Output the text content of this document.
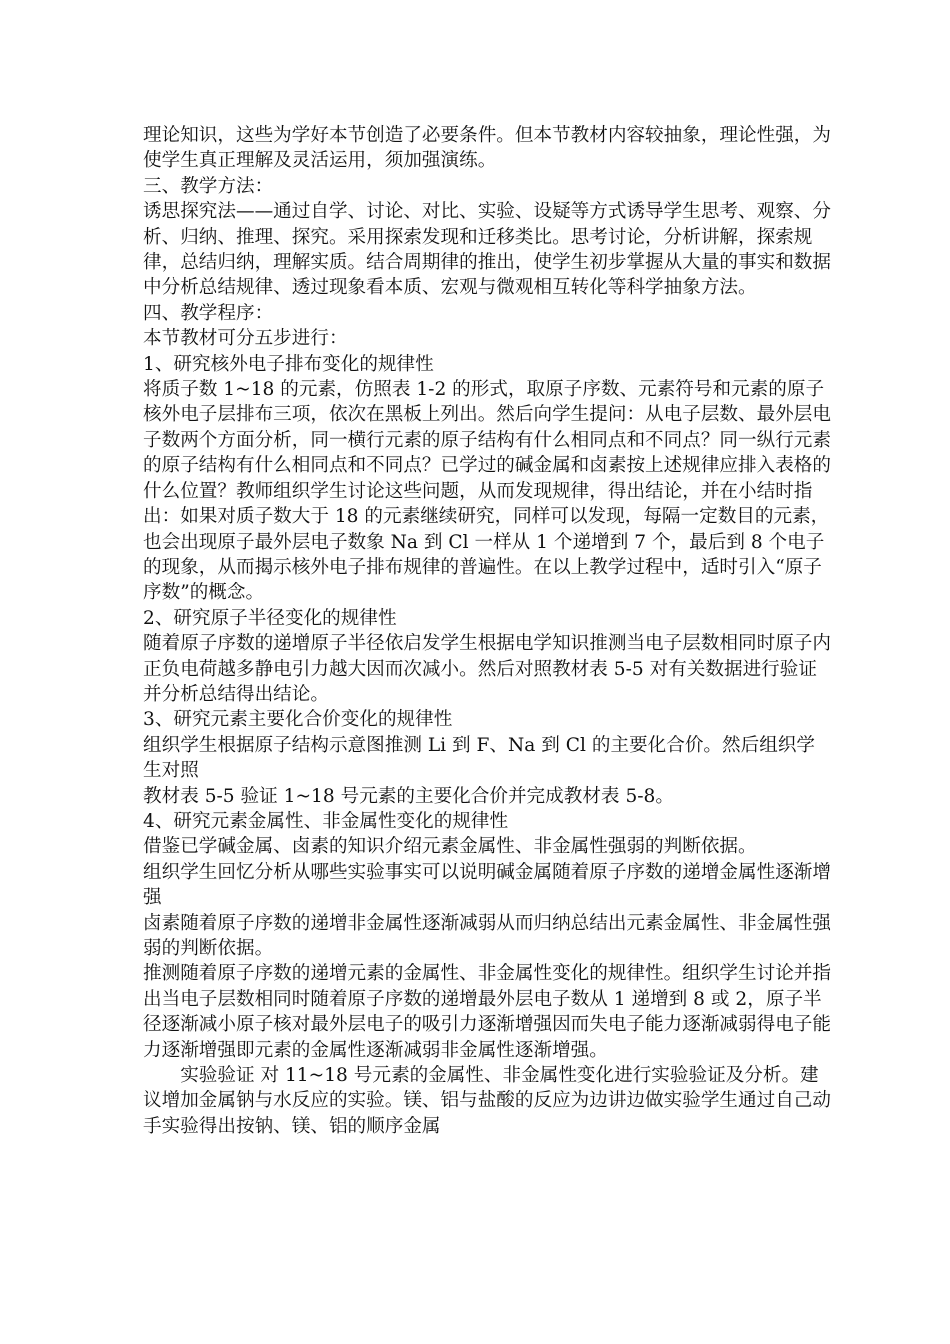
理论知识，这些为学好本节创造了必要条件。但本节教材内容较抽象，理论性强，为使学生真正理解及灵活运用，须加强演练。

三、教学方法：

诱思探究法——通过自学、讨论、对比、实验、设疑等方式诱导学生思考、观察、分析、归纳、推理、探究。采用探索发现和迁移类比。思考讨论，分析讲解，探索规律，总结归纳，理解实质。结合周期律的推出，使学生初步掌握从大量的事实和数据中分析总结规律、透过现象看本质、宏观与微观相互转化等科学抽象方法。

四、教学程序：

本节教材可分五步进行：

1、研究核外电子排布变化的规律性

将质子数 1~18 的元素，仿照表 1-2 的形式，取原子序数、元素符号和元素的原子核外电子层排布三项，依次在黑板上列出。然后向学生提问：从电子层数、最外层电子数两个方面分析，同一横行元素的原子结构有什么相同点和不同点？同一纵行元素的原子结构有什么相同点和不同点？已学过的碱金属和卤素按上述规律应排入表格的什么位置？教师组织学生讨论这些问题，从而发现规律，得出结论，并在小结时指出：如果对质子数大于 18 的元素继续研究，同样可以发现，每隔一定数目的元素，也会出现原子最外层电子数象 Na 到 Cl 一样从 1 个递增到 7 个，最后到 8 个电子的现象，从而揭示核外电子排布规律的普遍性。在以上教学过程中，适时引入“原子序数”的概念。

2、研究原子半径变化的规律性

随着原子序数的递增原子半径依启发学生根据电学知识推测当电子层数相同时原子内正负电荷越多静电引力越大因而次减小。然后对照教材表 5-5 对有关数据进行验证并分析总结得出结论。

3、研究元素主要化合价变化的规律性

组织学生根据原子结构示意图推测 Li 到 F、Na 到 Cl 的主要化合价。然后组织学生对照

教材表 5-5 验证 1~18 号元素的主要化合价并完成教材表 5-8。

4、研究元素金属性、非金属性变化的规律性

借鉴已学碱金属、卤素的知识介绍元素金属性、非金属性强弱的判断依据。

组织学生回忆分析从哪些实验事实可以说明碱金属随着原子序数的递增金属性逐渐增强

卤素随着原子序数的递增非金属性逐渐减弱从而归纳总结出元素金属性、非金属性强弱的判断依据。

推测随着原子序数的递增元素的金属性、非金属性变化的规律性。组织学生讨论并指出当电子层数相同时随着原子序数的递增最外层电子数从 1 递增到 8 或 2，原子半径逐渐减小原子核对最外层电子的吸引力逐渐增强因而失电子能力逐渐减弱得电子能力逐渐增强即元素的金属性逐渐减弱非金属性逐渐增强。

实验验证 对 11~18 号元素的金属性、非金属性变化进行实验验证及分析。建议增加金属钠与水反应的实验。镁、铝与盐酸的反应为边讲边做实验学生通过自己动手实验得出按钠、镁、铝的顺序金属
